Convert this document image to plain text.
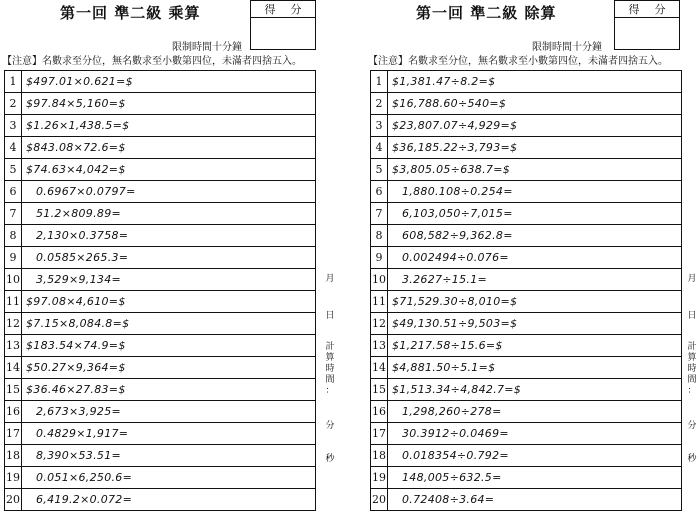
第一回 準二級 乘算	得 分
限制時間十分鐘
【注意】名數求至分位，無名數求至小數第四位，未滿者四捨五入。
1	$497.01×0.621=$
2	$97.84×5,160=$
3	$1.26×1,438.5=$
4	$843.08×72.6=$
5	$74.63×4,042=$
6	0.6967×0.0797=
7	51.2×809.89=
8	2,130×0.3758=
9	0.0585×265.3=
10	3,529×9,134=
11	$97.08×4,610=$
12	$7.15×8,084.8=$
13	$183.54×74.9=$
14	$50.27×9,364=$
15	$36.46×27.83=$
16	2,673×3,925=
17	0.4829×1,917=
18	8,390×53.51=
19	0.051×6,250.6=
20	6,419.2×0.072=
月
日
計
算
時
間
：
分
秒
第一回 準二級 除算	得 分
限制時間十分鐘
【注意】名數求至分位，無名數求至小數第四位，未滿者四捨五入。
1	$1,381.47÷8.2=$
2	$16,788.60÷540=$
3	$23,807.07÷4,929=$
4	$36,185.22÷3,793=$
5	$3,805.05÷638.7=$
6	1,880.108÷0.254=
7	6,103,050÷7,015=
8	608,582÷9,362.8=
9	0.002494÷0.076=
10	3.2627÷15.1=
11	$71,529.30÷8,010=$
12	$49,130.51÷9,503=$
13	$1,217.58÷15.6=$
14	$4,881.50÷5.1=$
15	$1,513.34÷4,842.7=$
16	1,298,260÷278=
17	30.3912÷0.0469=
18	0.018354÷0.792=
19	148,005÷632.5=
20	0.72408÷3.64=
月
日
計
算
時
間
：
分
秒
